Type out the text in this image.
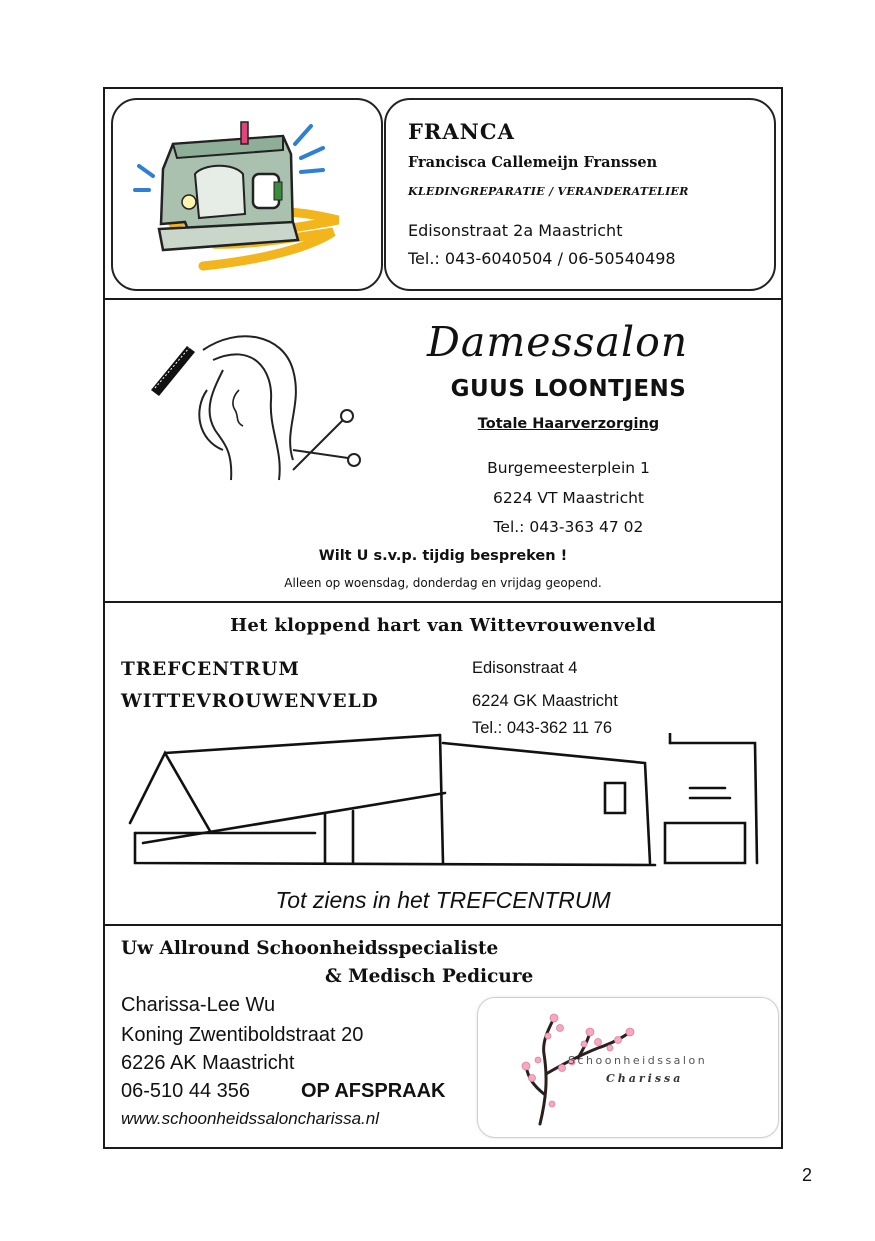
FRANCA
Francisca Callemeijn Franssen
KLEDINGREPARATIE / VERANDERATELIER
Edisonstraat 2a Maastricht
Tel.: 043-6040504 / 06-50540498
Damessalon
GUUS LOONTJENS
Totale Haarverzorging
Burgemeesterplein 1
6224 VT Maastricht
Tel.: 043-363 47 02
Wilt U s.v.p. tijdig bespreken !
Alleen op woensdag, donderdag en vrijdag geopend.
Het kloppend hart van Wittevrouwenveld
TREFCENTRUM
WITTEVROUWENVELD
Edisonstraat 4
6224 GK Maastricht
Tel.: 043-362 11 76
Tot ziens in het TREFCENTRUM
Uw Allround Schoonheidsspecialiste
& Medisch Pedicure
Charissa-Lee Wu
Koning Zwentiboldstraat 20
6226 AK Maastricht
06-510 44 356	OP AFSPRAAK
www.schoonheidssaloncharissa.nl
Schoonheidssalon
Charissa
2
